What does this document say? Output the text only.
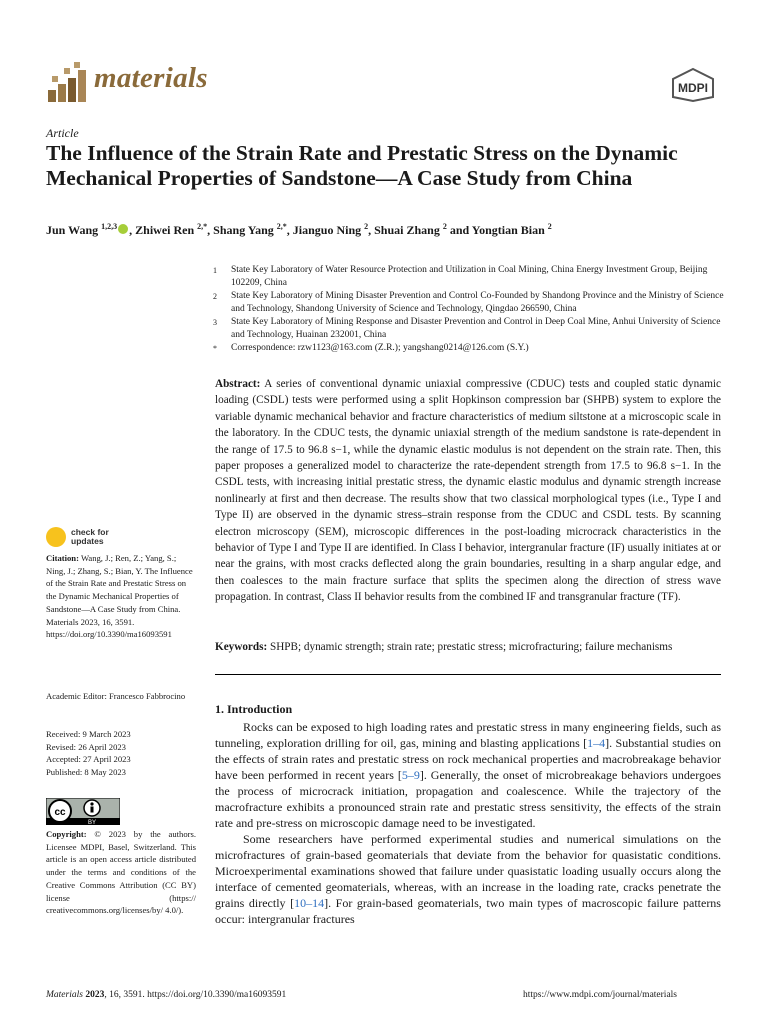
materials	MDPI
Article
The Influence of the Strain Rate and Prestatic Stress on the Dynamic Mechanical Properties of Sandstone—A Case Study from China
Jun Wang $^{1,2,3}$ , Zhiwei Ren $^{2,*}$, Shang Yang $^{2,*}$, Jianguo Ning $^2$, Shuai Zhang $^2$ and Yongtian Bian $^2$
1	State Key Laboratory of Water Resource Protection and Utilization in Coal Mining, China Energy Investment Group, Beijing 102209, China
2	State Key Laboratory of Mining Disaster Prevention and Control Co-Founded by Shandong Province and the Ministry of Science and Technology, Shandong University of Science and Technology, Qingdao 266590, China
3	State Key Laboratory of Mining Response and Disaster Prevention and Control in Deep Coal Mine, Anhui University of Science and Technology, Huainan 232001, China
*	Correspondence: rzw1123@163.com (Z.R.); yangshang0214@126.com (S.Y.)
Abstract: A series of conventional dynamic uniaxial compressive (CDUC) tests and coupled static dynamic loading (CSDL) tests were performed using a split Hopkinson compression bar (SHPB) system to explore the variable dynamic mechanical behavior and fracture characteristics of medium siltstone at a microscopic scale in the laboratory. In the CDUC tests, the dynamic uniaxial strength of the medium sandstone is rate-dependent in the range of 17.5 to 96.8 s−1, while the dynamic elastic modulus is not dependent on the strain rate. Then, this paper proposes a generalized model to characterize the rate-dependent strength from 17.5 to 96.8 s−1. In the CSDL tests, with increasing initial prestatic stress, the dynamic elastic modulus and dynamic strength increase nonlinearly at first and then decrease. The results show that two classical morphological types (i.e., Type I and Type II) are observed in the dynamic stress–strain response from the CDUC and CSDL tests. By scanning electron microscopy (SEM), microscopic differences in the post-loading microcrack characteristics in the behavior of Type I and Type II are identified. In Class I behavior, intergranular fracture (IF) usually initiates at or near the grains, with most cracks deflected along the grain boundaries, resulting in a sharp angular edge, and then coalesces to the main fracture surface that splits the specimen along the direction of stress wave propagation. In contrast, Class II behavior results from the combined IF and transgranular fracture (TF).
Keywords: SHPB; dynamic strength; strain rate; prestatic stress; microfracturing; failure mechanisms
check for
updates
Citation: Wang, J.; Ren, Z.; Yang, S.; Ning, J.; Zhang, S.; Bian, Y. The Influence of the Strain Rate and Prestatic Stress on the Dynamic Mechanical Properties of Sandstone—A Case Study from China. Materials 2023, 16, 3591. https://doi.org/10.3390/ma16093591
Academic Editor: Francesco Fabbrocino
Received: 9 March 2023
Revised: 26 April 2023
Accepted: 27 April 2023
Published: 8 May 2023
cc
BY
Copyright: © 2023 by the authors. Licensee MDPI, Basel, Switzerland. This article is an open access article distributed under the terms and conditions of the Creative Commons Attribution (CC BY) license (https:// creativecommons.org/licenses/by/ 4.0/).
1. Introduction

Rocks can be exposed to high loading rates and prestatic stress in many engineering fields, such as tunneling, exploration drilling for oil, gas, mining and blasting applications [1–4]. Substantial studies on the effects of strain rates and prestatic stress on rock mechanical properties and macrobreakage behavior have been performed in recent years [5–9]. Generally, the onset of microbreakage behaviors undergoes the process of microcrack initiation, propagation and coalescence. While the trajectory of the macrofracture exhibits a pronounced strain rate and prestatic stress sensitivity, the effects of the strain rate and pre-stress on microscopic damage need to be investigated.

Some researchers have performed experimental studies and numerical simulations on the microfractures of grain-based geomaterials that deviate from the behavior for quasistatic conditions. Microexperimental examinations showed that failure under quasistatic loading usually occurs along the interface of cemented geomaterials, whereas, with an increase in the loading rate, cracks penetrate the grains directly [10–14]. For grain-based geomaterials, two main types of macroscopic failure patterns occur: intergranular fractures

Materials 2023, 16, 3591. https://doi.org/10.3390/ma16093591	https://www.mdpi.com/journal/materials
